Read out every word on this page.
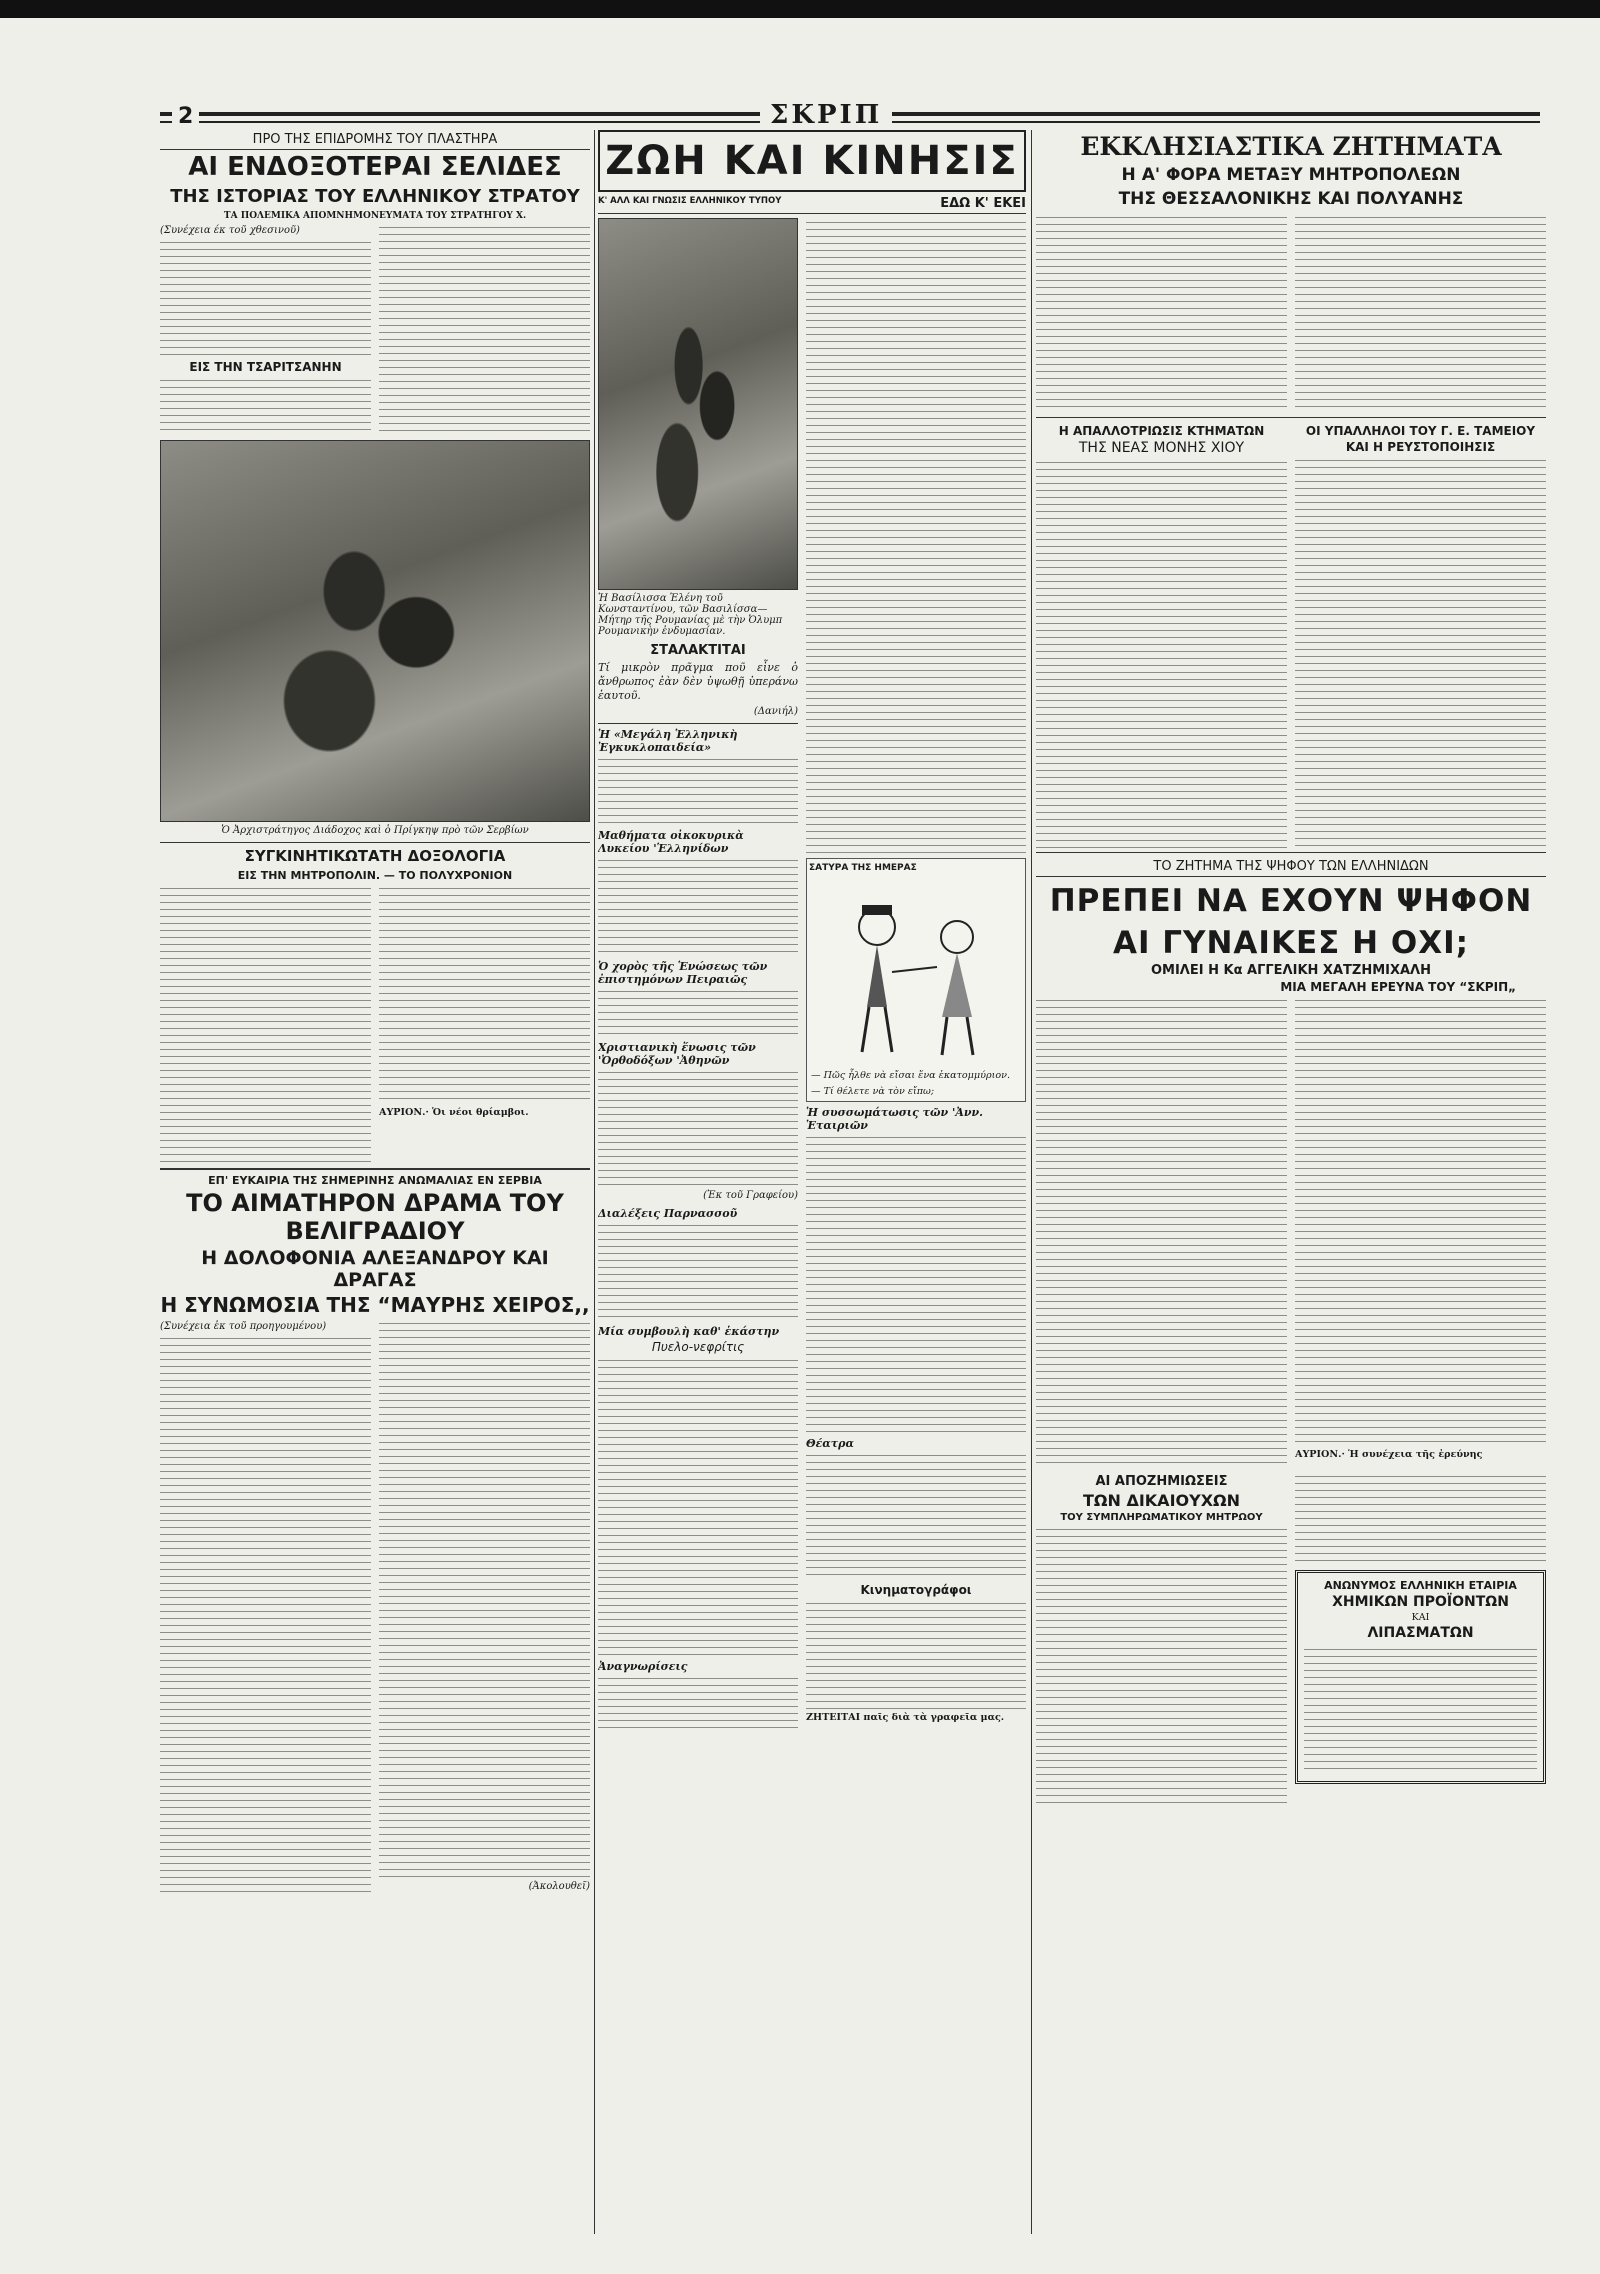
2	ΣΚΡΙΠ
ΠΡΟ ΤΗΣ ΕΠΙΔΡΟΜΗΣ ΤΟΥ ΠΛΑΣΤΗΡΑ
ΑΙ ΕΝΔΟΞΟΤΕΡΑΙ ΣΕΛΙΔΕΣ
ΤΗΣ ΙΣΤΟΡΙΑΣ ΤΟΥ ΕΛΛΗΝΙΚΟΥ ΣΤΡΑΤΟΥ
ΤΑ ΠΟΛΕΜΙΚΑ ΑΠΟΜΝΗΜΟΝΕΥΜΑΤΑ ΤΟΥ ΣΤΡΑΤΗΓΟΥ Χ.
(Συνέχεια έκ τοῦ χθεσινοῦ)
ΕΙΣ ΤΗΝ ΤΣΑΡΙΤΣΑΝΗΝ
Ὁ Ἀρχιστράτηγος Διάδοχος καὶ ὁ Πρίγκηψ πρὸ τῶν Σερβίων
ΣΥΓΚΙΝΗΤΙΚΩΤΑΤΗ ΔΟΞΟΛΟΓΙΑ
ΕΙΣ ΤΗΝ ΜΗΤΡΟΠΟΛΙΝ. — ΤΟ ΠΟΛΥΧΡΟΝΙΟΝ
ΑΥΡΙΟΝ.· Ὁι νέοι θρίαμβοι.
ΕΠ' ΕΥΚΑΙΡΙΑ ΤΗΣ ΣΗΜΕΡΙΝΗΣ ΑΝΩΜΑΛΙΑΣ ΕΝ ΣΕΡΒΙΑ
ΤΟ ΑΙΜΑΤΗΡΟΝ ΔΡΑΜΑ ΤΟΥ ΒΕΛΙΓΡΑΔΙΟΥ
Η ΔΟΛΟΦΟΝΙΑ ΑΛΕΞΑΝΔΡΟΥ ΚΑΙ ΔΡΑΓΑΣ
Η ΣΥΝΩΜΟΣΙΑ ΤΗΣ “ΜΑΥΡΗΣ ΧΕΙΡΟΣ,,
(Συνέχεια ἐκ τοῦ προηγουμένου)
(Ἀκολουθεῖ)
ΖΩΗ ΚΑΙ ΚΙΝΗΣΙΣ
Κ' ΑΛΛ ΚΑΙ ΓΝΩΣΙΣ ΕΛΛΗΝΙΚΟΥ ΤΥΠΟΥ	ΕΔΩ Κ' ΕΚΕΙ
Ἡ Βασίλισσα Ἑλένη τοῦ Κωνσταντίνου, τῶν Βασιλίσσα—Μήτηρ τῆς Ρουμανίας μὲ τὴν Ὀλυμπ Ρουμανικὴν ἐνδυμασίαν.
ΣΤΑΛΑΚΤΙΤΑΙ
Τί μικρὸν πρᾶγμα ποῦ εἶνε ὁ ἄνθρωπος ἐὰν δὲν ὑψωθῇ ὑπεράνω ἑαυτοῦ.
(Δανιήλ)
Ἡ «Μεγάλη Ἑλληνικὴ Ἐγκυκλοπαιδεία»
Μαθήματα οἰκοκυρικὰ Λυκείου 'Ἑλληνίδων
Ὁ χορὸς τῆς Ἑνώσεως τῶν ἐπιστημόνων Πειραιῶς
Χριστιανικὴ ἕνωσις τῶν 'Ὀρθοδόξων 'Ἀθηνῶν
(Ἐκ τοῦ Γραφείου)
Διαλέξεις Παρνασσοῦ
Μία συμβουλὴ καθ' ἑκάστην
Πυελο-νεφρίτις
Ἀναγνωρίσεις
ΣΑΤΥΡΑ ΤΗΣ ΗΜΕΡΑΣ
— Πῶς ἦλθε νὰ εἴσαι ἕνα ἑκατομμύριον.
— Τί θέλετε νὰ τὸν εἴπω;
Ἡ συσσωμάτωσις τῶν 'Ἀνν. Ἑταιριῶν
Θέατρα
Κινηματογράφοι
ΖΗΤΕΙΤΑΙ παῖς διὰ τὰ γραφεῖα μας.
ΕΚΚΛΗΣΙΑΣΤΙΚΑ ΖΗΤΗΜΑΤΑ
Η Α' ΦΟΡΑ ΜΕΤΑΞΥ ΜΗΤΡΟΠΟΛΕΩΝ
ΤΗΣ ΘΕΣΣΑΛΟΝΙΚΗΣ ΚΑΙ ΠΟΛΥΑΝΗΣ
Η ΑΠΑΛΛΟΤΡΙΩΣΙΣ ΚΤΗΜΑΤΩΝ
ΤΗΣ ΝΕΑΣ ΜΟΝΗΣ ΧΙΟΥ
ΟΙ ΥΠΑΛΛΗΛΟΙ ΤΟΥ Γ. Ε. ΤΑΜΕΙΟΥ
ΚΑΙ Η ΡΕΥΣΤΟΠΟΙΗΣΙΣ
ΤΟ ΖΗΤΗΜΑ ΤΗΣ ΨΗΦΟΥ ΤΩΝ ΕΛΛΗΝΙΔΩΝ
ΠΡΕΠΕΙ ΝΑ ΕΧΟΥΝ ΨΗΦΟΝ
ΑΙ ΓΥΝΑΙΚΕΣ Η ΟΧΙ;
ΟΜΙΛΕΙ Η Κα ΑΓΓΕΛΙΚΗ ΧΑΤΖΗΜΙΧΑΛΗ
ΜΙΑ ΜΕΓΑΛΗ ΕΡΕΥΝΑ ΤΟΥ “ΣΚΡΙΠ„
ΑΥΡΙΟΝ.· Ἡ συνέχεια τῆς ἐρεύνης
ΑΙ ΑΠΟΖΗΜΙΩΣΕΙΣ
ΤΩΝ ΔΙΚΑΙΟΥΧΩΝ
ΤΟΥ ΣΥΜΠΛΗΡΩΜΑΤΙΚΟΥ ΜΗΤΡΩΟΥ
ΑΝΩΝΥΜΟΣ ΕΛΛΗΝΙΚΗ ΕΤΑΙΡΙΑ
ΧΗΜΙΚΩΝ ΠΡΟΪΟΝΤΩΝ
ΚΑΙ
ΛΙΠΑΣΜΑΤΩΝ
